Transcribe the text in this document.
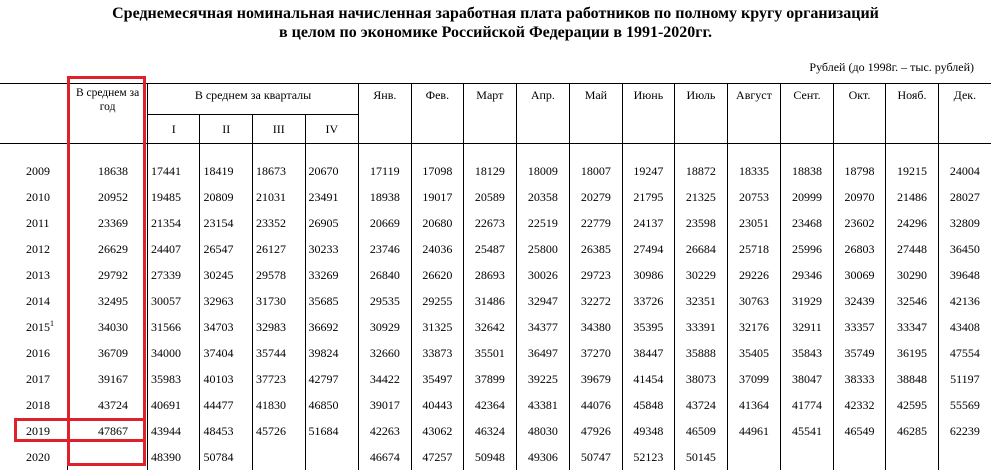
Среднемесячная номинальная начисленная заработная плата работников по полному кругу организаций
в целом по экономике Российской Федерации в 1991-2020гг.
Рублей (до 1998г. – тыс. рублей)
	В среднем за год	В среднем за кварталы				Янв.	Фев.	Март	Апр.	Май	Июнь	Июль	Август	Сент.	Окт.	Нояб.	Дек.
		I	II	III	IV												

2009	18638	17441	18419	18673	20670	17119	17098	18129	18009	18007	19247	18872	18335	18838	18798	19215	24004
2010	20952	19485	20809	21031	23491	18938	19017	20589	20358	20279	21795	21325	20753	20999	20970	21486	28027
2011	23369	21354	23154	23352	26905	20669	20680	22673	22519	22779	24137	23598	23051	23468	23602	24296	32809
2012	26629	24407	26547	26127	30233	23746	24036	25487	25800	26385	27494	26684	25718	25996	26803	27448	36450
2013	29792	27339	30245	29578	33269	26840	26620	28693	30026	29723	30986	30229	29226	29346	30069	30290	39648
2014	32495	30057	32963	31730	35685	29535	29255	31486	32947	32272	33726	32351	30763	31929	32439	32546	42136
2015$^1$	34030	31566	34703	32983	36692	30929	31325	32642	34377	34380	35395	33391	32176	32911	33357	33347	43408
2016	36709	34000	37404	35744	39824	32660	33873	35501	36497	37270	38447	35888	35405	35843	35749	36195	47554
2017	39167	35983	40103	37723	42797	34422	35497	37899	39225	39679	41454	38073	37099	38047	38333	38848	51197
2018	43724	40691	44477	41830	46850	39017	40443	42364	43381	44076	45848	43724	41364	41774	42332	42595	55569
2019	47867	43944	48453	45726	51684	42263	43062	46324	48030	47926	49348	46509	44961	45541	46549	46285	62239
2020		48390	50784			46674	47257	50948	49306	50747	52123	50145					
